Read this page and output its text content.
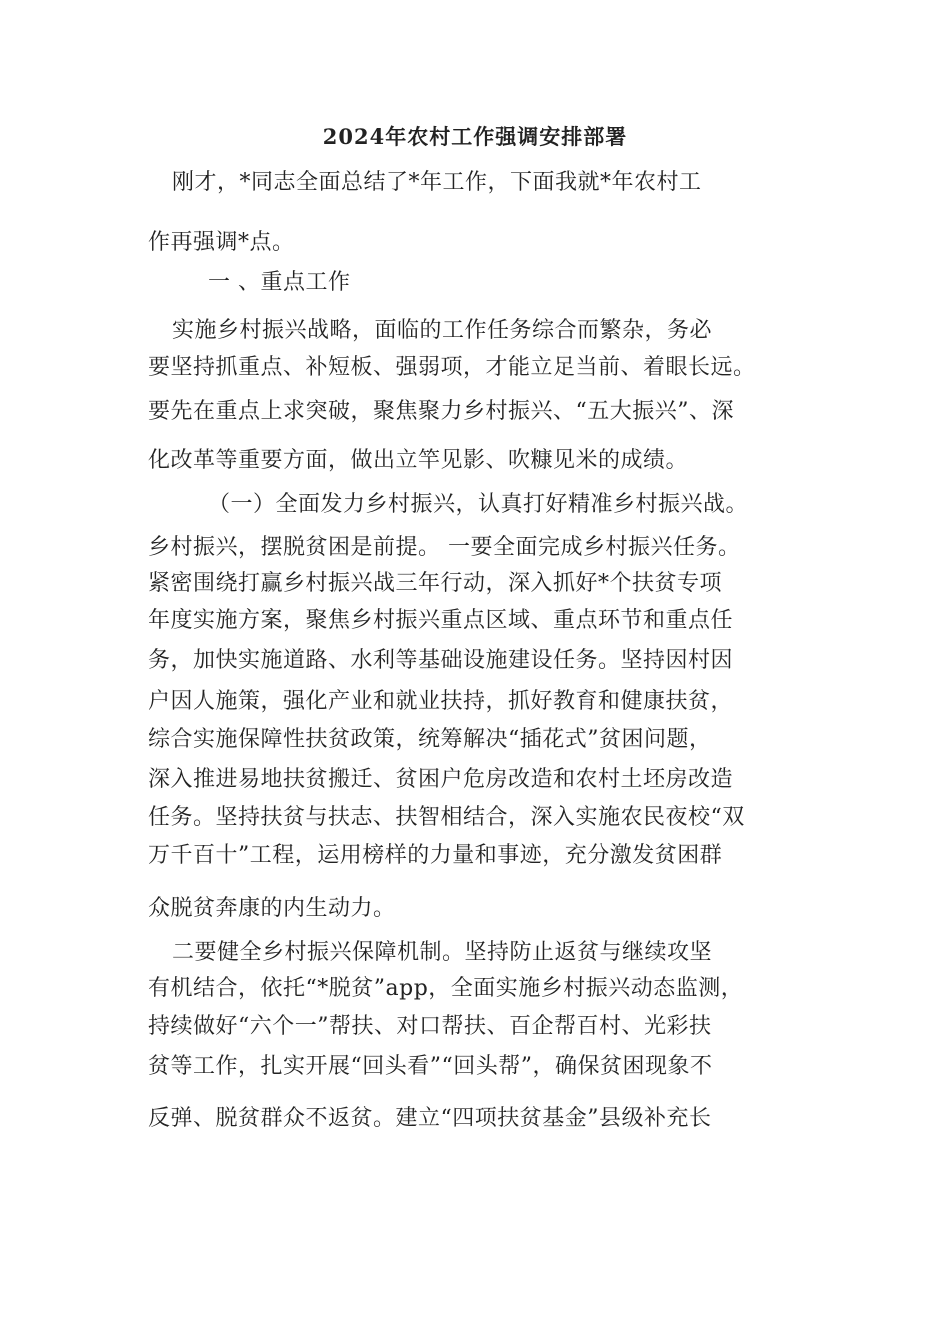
2024年农村工作强调安排部署
刚才，*同志全面总结了*年工作，下面我就*年农村工
作再强调*点。
一 、重点工作
实施乡村振兴战略，面临的工作任务综合而繁杂，务必
要坚持抓重点、补短板、强弱项，才能立足当前、着眼长远。
要先在重点上求突破，聚焦聚力乡村振兴、“五大振兴”、深
化改革等重要方面，做出立竿见影、吹糠见米的成绩。
（一）全面发力乡村振兴，认真打好精准乡村振兴战。
乡村振兴，摆脱贫困是前提。 一要全面完成乡村振兴任务。
紧密围绕打赢乡村振兴战三年行动，深入抓好*个扶贫专项
年度实施方案，聚焦乡村振兴重点区域、重点环节和重点任
务，加快实施道路、水利等基础设施建设任务。坚持因村因
户因人施策，强化产业和就业扶持，抓好教育和健康扶贫，
综合实施保障性扶贫政策，统筹解决“插花式”贫困问题，
深入推进易地扶贫搬迁、贫困户危房改造和农村土坯房改造
任务。坚持扶贫与扶志、扶智相结合，深入实施农民夜校“双
万千百十”工程，运用榜样的力量和事迹，充分激发贫困群
众脱贫奔康的内生动力。
二要健全乡村振兴保障机制。坚持防止返贫与继续攻坚
有机结合，依托“*脱贫”app，全面实施乡村振兴动态监测，
持续做好“六个一”帮扶、对口帮扶、百企帮百村、光彩扶
贫等工作，扎实开展“回头看”“回头帮”，确保贫困现象不
反弹、脱贫群众不返贫。建立“四项扶贫基金”县级补充长
